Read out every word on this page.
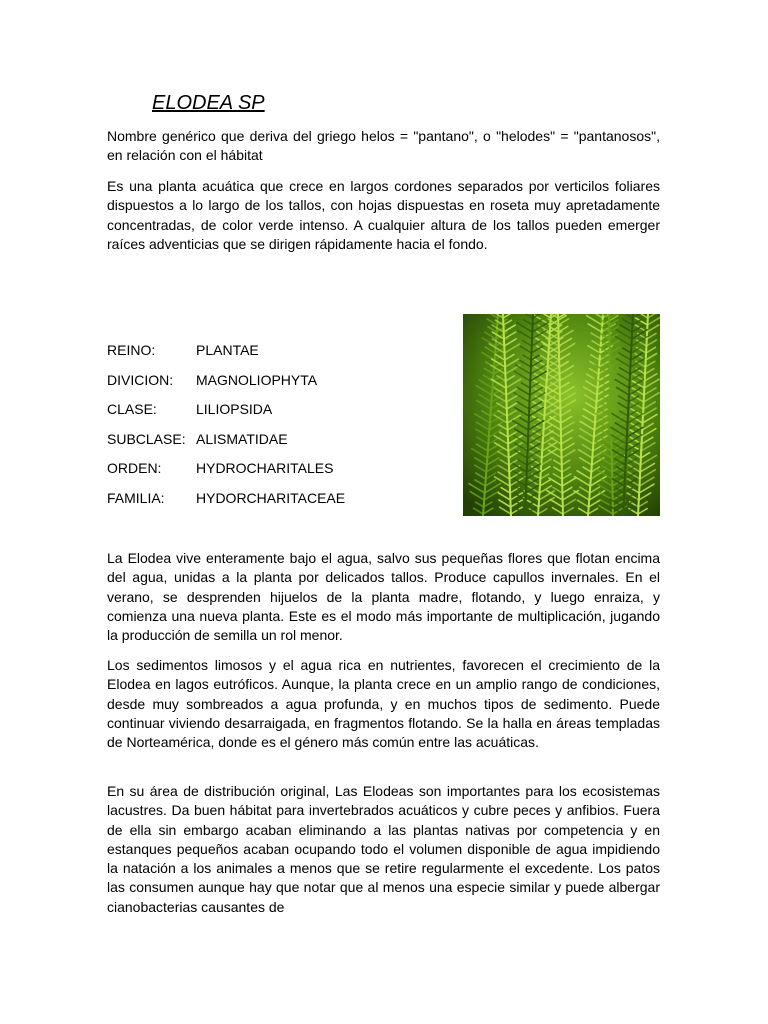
ELODEA SP

Nombre genérico que deriva del griego helos = "pantano", o "helodes" = "pantanosos", en relación con el hábitat

Es una planta acuática que crece en largos cordones separados por verticilos foliares dispuestos a lo largo de los tallos, con hojas dispuestas en roseta muy apretadamente concentradas, de color verde intenso. A cualquier altura de los tallos pueden emerger raíces adventicias que se dirigen rápidamente hacia el fondo.

REINO:	PLANTAE
DIVICION: MAGNOLIOPHYTA
CLASE:	LILIOPSIDA
SUBCLASE: ALISMATIDAE
ORDEN: HYDROCHARITALES
FAMILIA: HYDORCHARITACEAE

La Elodea vive enteramente bajo el agua, salvo sus pequeñas flores que flotan encima del agua, unidas a la planta por delicados tallos. Produce capullos invernales. En el verano, se desprenden hijuelos de la planta madre, flotando, y luego enraiza, y comienza una nueva planta. Este es el modo más importante de multiplicación, jugando la producción de semilla un rol menor.

Los sedimentos limosos y el agua rica en nutrientes, favorecen el crecimiento de la Elodea en lagos eutróficos. Aunque, la planta crece en un amplio rango de condiciones, desde muy sombreados a agua profunda, y en muchos tipos de sedimento. Puede continuar viviendo desarraigada, en fragmentos flotando. Se la halla en áreas templadas de Norteamérica, donde es el género más común entre las acuáticas.

En su área de distribución original, Las Elodeas son importantes para los ecosistemas lacustres. Da buen hábitat para invertebrados acuáticos y cubre peces y anfibios. Fuera de ella sin embargo acaban eliminando a las plantas nativas por competencia y en estanques pequeños acaban ocupando todo el volumen disponible de agua impidiendo la natación a los animales a menos que se retire regularmente el excedente. Los patos las consumen aunque hay que notar que al menos una especie similar y puede albergar cianobacterias causantes de
